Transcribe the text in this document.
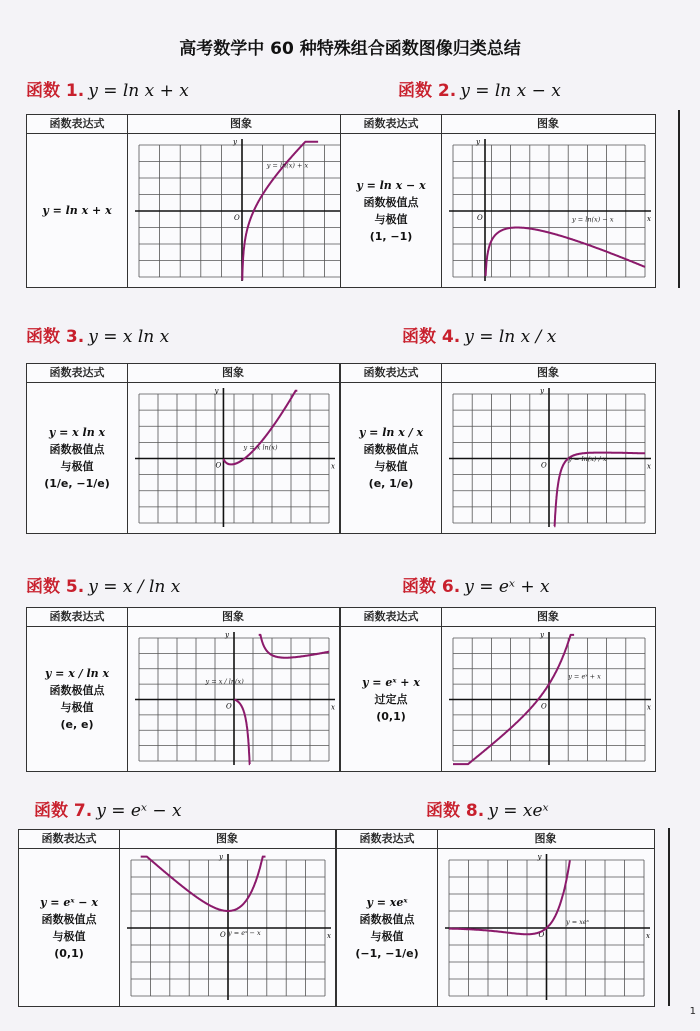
高考数学中 60 种特殊组合函数图像归类总结
函数 1. y = ln x + x
函数表达式	图象
y = ln x + x
y
O
y = ln(x) + x
函数 2. y = ln x − x
函数表达式	图象
y = ln x − x
函数极值点
与极值
(1, −1)
x
y
O	y = ln(x) − x
函数 3. y = x ln x
函数表达式	图象
y = x ln x
函数极值点
与极值
(1/e, −1/e)
x
y
O
y = x ln(x)
函数 4. y = ln x / x
函数表达式	图象
y = ln x / x
函数极值点
与极值
(e, 1/e)
x
y
O
y = ln(x) / x
函数 5. y = x / ln x
函数表达式	图象
y = x / ln x
函数极值点
与极值
(e, e)
x
y
O
y = x / ln(x)
函数 6. y = eˣ + x
函数表达式	图象
y = eˣ + x
过定点
(0,1)
x
y
O
y = eˣ + x
函数 7. y = eˣ − x
函数表达式	图象
y = eˣ − x
函数极值点
与极值
(0,1)
x
y
O y = eˣ − x
函数 8. y = xeˣ
函数表达式	图象
y = xeˣ
函数极值点
与极值
(−1, −1/e)
x
y
O
y = xeˣ
1
